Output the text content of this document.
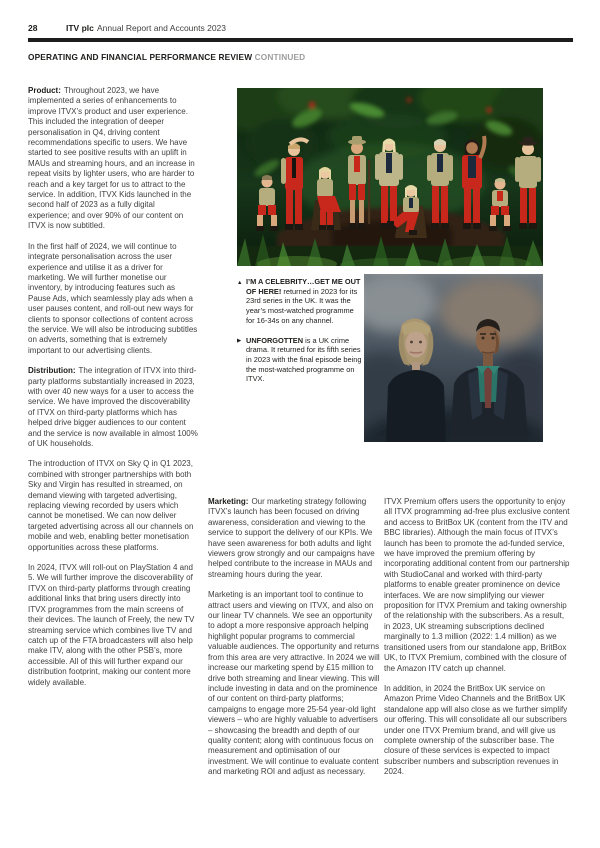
28	ITV plc Annual Report and Accounts 2023
OPERATING AND FINANCIAL PERFORMANCE REVIEW CONTINUED

Product: Throughout 2023, we have implemented a series of enhancements to improve ITVX’s product and user experience. This included the integration of deeper personalisation in Q4, driving content recommendations specific to users. We have started to see positive results with an uplift in MAUs and streaming hours, and an increase in repeat visits by lighter users, who are harder to reach and a key target for us to attract to the service. In addition, ITVX Kids launched in the second half of 2023 as a fully digital experience; and over 90% of our content on ITVX is now subtitled.

In the first half of 2024, we will continue to integrate personalisation across the user experience and utilise it as a driver for marketing. We will further monetise our inventory, by introducing features such as Pause Ads, which seamlessly play ads when a user pauses content, and roll-out new ways for clients to sponsor collections of content across the service. We will also be introducing subtitles on adverts, something that is extremely important to our advertising clients.

Distribution: The integration of ITVX into third-party platforms substantially increased in 2023, with over 40 new ways for a user to access the service. We have improved the discoverability of ITVX on third-party platforms which has helped drive bigger audiences to our content and the service is now available in almost 100% of UK households.

The introduction of ITVX on Sky Q in Q1 2023, combined with stronger partnerships with both Sky and Virgin has resulted in streamed, on demand viewing with targeted advertising, replacing viewing recorded by users which cannot be monetised. We can now deliver targeted advertising across all our channels on mobile and web, enabling better monetisation opportunities across these platforms.

In 2024, ITVX will roll-out on PlayStation 4 and 5. We will further improve the discoverability of ITVX on third-party platforms through creating additional links that bring users directly into ITVX programmes from the main screens of their devices. The launch of Freely, the new TV streaming service which combines live TV and catch up of the FTA broadcasters will also help make ITV, along with the other PSB’s, more accessible. All of this will further expand our distribution footprint, making our content more widely available.

▲ I’M A CELEBRITY…GET ME OUT OF HERE! returned in 2023 for its 23rd series in the UK. It was the year’s most-watched programme for 16-34s on any channel.
▶ UNFORGOTTEN is a UK crime drama. It returned for its fifth series in 2023 with the final episode being the most-watched programme on ITVX.

Marketing: Our marketing strategy following ITVX’s launch has been focused on driving awareness, consideration and viewing to the service to support the delivery of our KPIs. We have seen awareness for both adults and light viewers grow strongly and our campaigns have helped contribute to the increase in MAUs and streaming hours during the year.

Marketing is an important tool to continue to attract users and viewing on ITVX, and also on our linear TV channels. We see an opportunity to adopt a more responsive approach helping highlight popular programs to commercial valuable audiences. The opportunity and returns from this area are very attractive. In 2024 we will increase our marketing spend by £15 million to drive both streaming and linear viewing. This will include investing in data and on the prominence of our content on third-party platforms; campaigns to engage more 25-54 year-old light viewers – who are highly valuable to advertisers – showcasing the breadth and depth of our quality content; along with continuous focus on measurement and optimisation of our investment. We will continue to evaluate content and marketing ROI and adjust as necessary.

ITVX Premium offers users the opportunity to enjoy all ITVX programming ad-free plus exclusive content and access to BritBox UK (content from the ITV and BBC libraries). Although the main focus of ITVX’s launch has been to promote the ad-funded service, we have improved the premium offering by incorporating additional content from our partnership with StudioCanal and worked with third-party platforms to enable greater prominence on device interfaces. We are now simplifying our viewer proposition for ITVX Premium and taking ownership of the relationship with the subscribers. As a result, in 2023, UK streaming subscriptions declined marginally to 1.3 million (2022: 1.4 million) as we transitioned users from our standalone app, BritBox UK, to ITVX Premium, combined with the closure of the Amazon ITV catch up channel.

In addition, in 2024 the BritBox UK service on Amazon Prime Video Channels and the BritBox UK standalone app will also close as we further simplify our offering. This will consolidate all our subscribers under one ITVX Premium brand, and will give us complete ownership of the subscriber base. The closure of these services is expected to impact subscriber numbers and subscription revenues in 2024.
